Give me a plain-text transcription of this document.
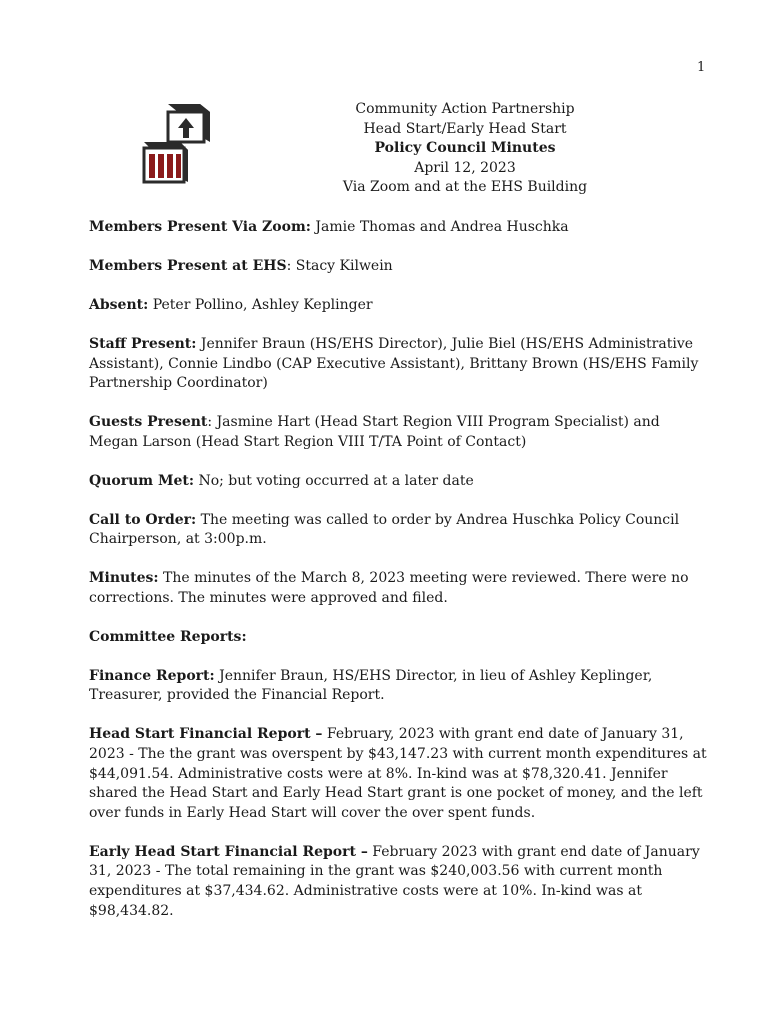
1
Community Action Partnership
Head Start/Early Head Start
Policy Council Minutes
April 12, 2023
Via Zoom and at the EHS Building

Members Present Via Zoom: Jamie Thomas and Andrea Huschka

Members Present at EHS: Stacy Kilwein

Absent: Peter Pollino, Ashley Keplinger

Staff Present: Jennifer Braun (HS/EHS Director), Julie Biel (HS/EHS Administrative Assistant), Connie Lindbo (CAP Executive Assistant), Brittany Brown (HS/EHS Family Partnership Coordinator)

Guests Present: Jasmine Hart (Head Start Region VIII Program Specialist) and Megan Larson (Head Start Region VIII T/TA Point of Contact)

Quorum Met: No; but voting occurred at a later date

Call to Order: The meeting was called to order by Andrea Huschka Policy Council Chairperson, at 3:00p.m.

Minutes: The minutes of the March 8, 2023 meeting were reviewed. There were no corrections. The minutes were approved and filed.

Committee Reports:

Finance Report: Jennifer Braun, HS/EHS Director, in lieu of Ashley Keplinger, Treasurer, provided the Financial Report.

Head Start Financial Report – February, 2023 with grant end date of January 31, 2023 - The the grant was overspent by $43,147.23 with current month expenditures at $44,091.54. Administrative costs were at 8%. In-kind was at $78,320.41. Jennifer shared the Head Start and Early Head Start grant is one pocket of money, and the left over funds in Early Head Start will cover the over spent funds.

Early Head Start Financial Report – February 2023 with grant end date of January 31, 2023 - The total remaining in the grant was $240,003.56 with current month expenditures at $37,434.62. Administrative costs were at 10%. In-kind was at $98,434.82.
